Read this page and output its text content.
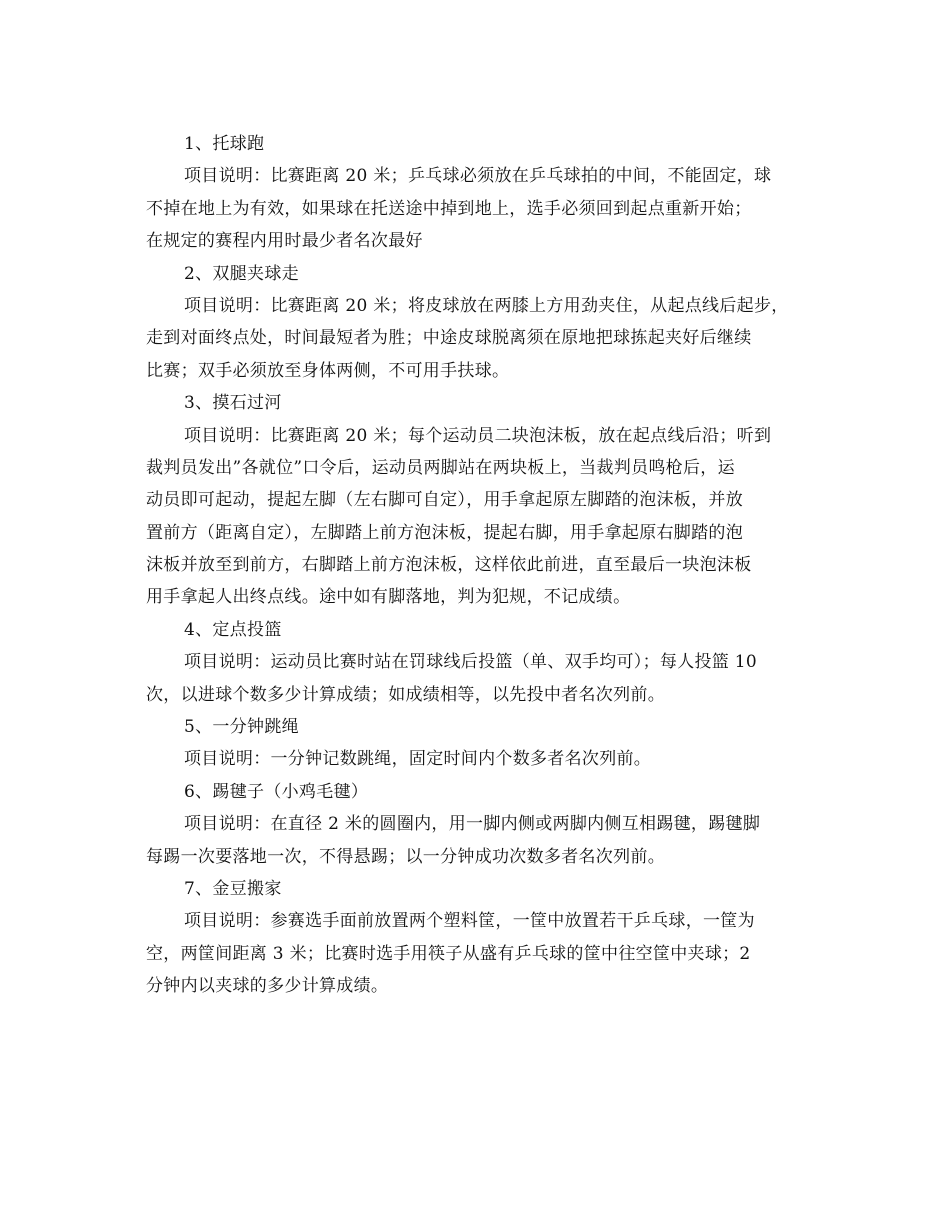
1、托球跑
项目说明：比赛距离 20 米；乒乓球必须放在乒乓球拍的中间，不能固定，球
不掉在地上为有效，如果球在托送途中掉到地上，选手必须回到起点重新开始；
在规定的赛程内用时最少者名次最好
2、双腿夹球走
项目说明：比赛距离 20 米；将皮球放在两膝上方用劲夹住，从起点线后起步，
走到对面终点处，时间最短者为胜；中途皮球脱离须在原地把球拣起夹好后继续
比赛；双手必须放至身体两侧，不可用手扶球。
3、摸石过河
项目说明：比赛距离 20 米；每个运动员二块泡沫板，放在起点线后沿；听到
裁判员发出”各就位”口令后，运动员两脚站在两块板上，当裁判员鸣枪后，运
动员即可起动，提起左脚（左右脚可自定），用手拿起原左脚踏的泡沫板，并放
置前方（距离自定），左脚踏上前方泡沫板，提起右脚，用手拿起原右脚踏的泡
沫板并放至到前方，右脚踏上前方泡沫板，这样依此前进，直至最后一块泡沫板
用手拿起人出终点线。途中如有脚落地，判为犯规，不记成绩。
4、定点投篮
项目说明：运动员比赛时站在罚球线后投篮（单、双手均可）；每人投篮 10
次，以进球个数多少计算成绩；如成绩相等，以先投中者名次列前。
5、一分钟跳绳
项目说明：一分钟记数跳绳，固定时间内个数多者名次列前。
6、踢毽子（小鸡毛毽）
项目说明：在直径 2 米的圆圈内，用一脚内侧或两脚内侧互相踢毽，踢毽脚
每踢一次要落地一次，不得悬踢；以一分钟成功次数多者名次列前。
7、金豆搬家
项目说明：参赛选手面前放置两个塑料筐，一筐中放置若干乒乓球，一筐为
空，两筐间距离 3 米；比赛时选手用筷子从盛有乒乓球的筐中往空筐中夹球；2
分钟内以夹球的多少计算成绩。
